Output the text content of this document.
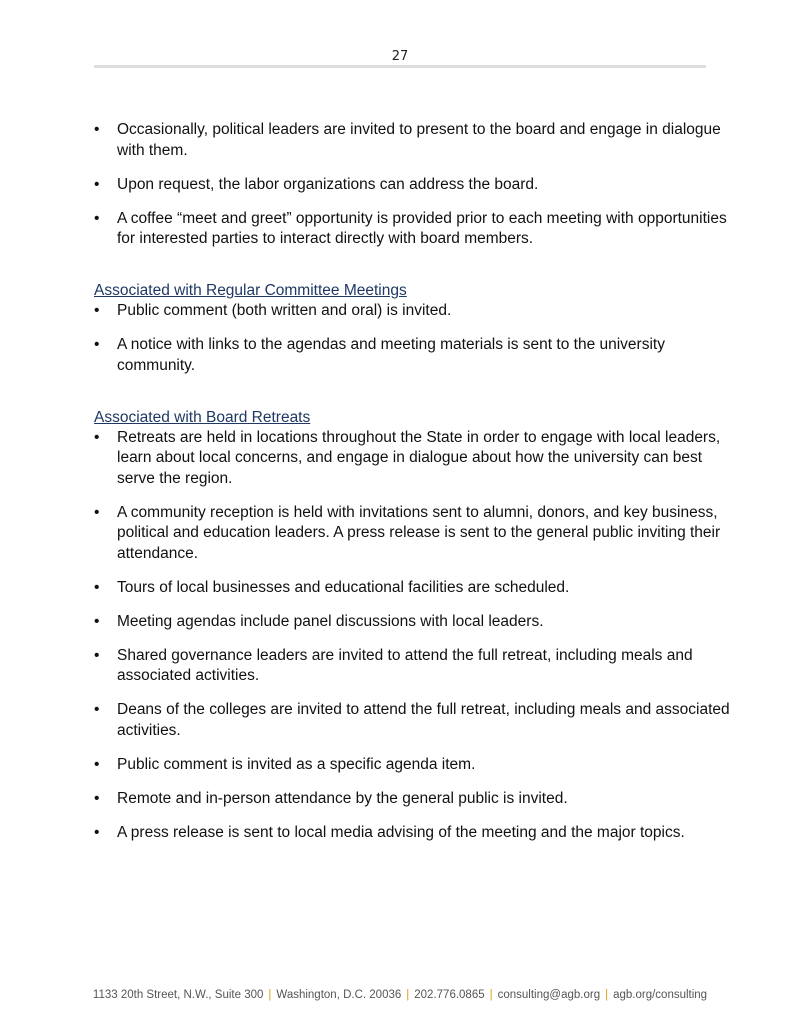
27
• Occasionally, political leaders are invited to present to the board and engage in dialogue with them.
• Upon request, the labor organizations can address the board.
• A coffee “meet and greet” opportunity is provided prior to each meeting with opportunities for interested parties to interact directly with board members.
Associated with Regular Committee Meetings
• Public comment (both written and oral) is invited.
• A notice with links to the agendas and meeting materials is sent to the university community.
Associated with Board Retreats
• Retreats are held in locations throughout the State in order to engage with local leaders, learn about local concerns, and engage in dialogue about how the university can best serve the region.
• A community reception is held with invitations sent to alumni, donors, and key business, political and education leaders. A press release is sent to the general public inviting their attendance.
• Tours of local businesses and educational facilities are scheduled.
• Meeting agendas include panel discussions with local leaders.
• Shared governance leaders are invited to attend the full retreat, including meals and associated activities.
• Deans of the colleges are invited to attend the full retreat, including meals and associated activities.
• Public comment is invited as a specific agenda item.
• Remote and in-person attendance by the general public is invited.
• A press release is sent to local media advising of the meeting and the major topics.
1133 20th Street, N.W., Suite 300 | Washington, D.C. 20036 | 202.776.0865 | consulting@agb.org | agb.org/consulting
